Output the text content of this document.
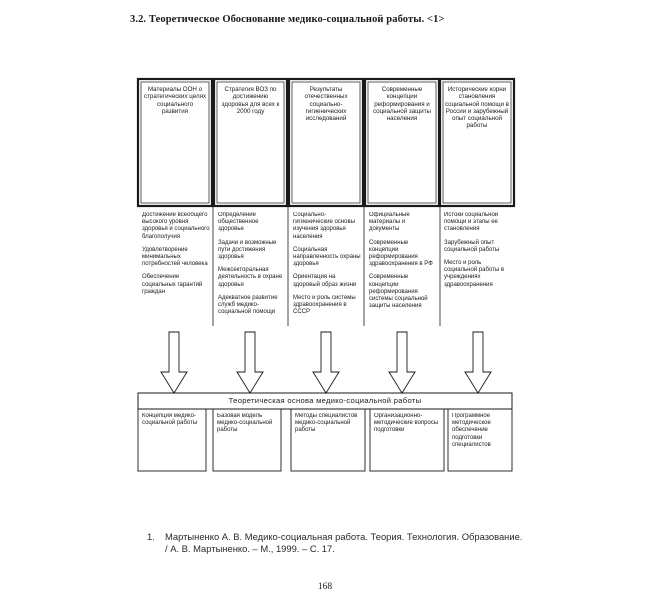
3.2. Теоретическое Обоснование медико-социальной работы. <1>
Материалы ООН о стратегических целях социального развития
Стратегия ВОЗ по достижению здоровья для всех к 2000 году
Результаты отечественных социально-гигиенических исследований
Современные концепции реформирования и социальной защиты населения
Исторические корни становления социальной помощи в России и зарубежный опыт социальной работы
Достижение всеобщего высокого уровня здоровья и социального благополучия
Удовлетворение минимальных потребностей человека
Обеспечение социальных гарантий граждан
Определение общественное здоровье
Задачи и возможные пути достижения здоровья
Межсекторальная деятельность в охране здоровья
Адекватное развитие служб медико-социальной помощи
Социально-гигиенические основы изучения здоровья населения
Социальная направленность охраны здоровья
Ориентация на здоровый образ жизни
Место и роль системы здравоохранения в СССР
Официальные материалы и документы
Современные концепции реформирования здравоохранения в РФ
Современные концепции реформирования системы социальной защиты населения
Истоки социальной помощи и этапы ее становления
Зарубежный опыт социальной работы
Место и роль социальной работы в учреждениях здравоохранения
Теоретическая основа медико-социальной работы
Концепция медико-социальной работы
Базовая модель медико-социальной работы
Методы специалистов медико-социальной работы
Организационно-методические вопросы подготовки
Программное методическое обеспечение подготовки специалистов
1. Мартыненко А. В. Медико-социальная работа. Теория. Технология. Образование. / А. В. Мартыненко. – М., 1999. – С. 17.
168
